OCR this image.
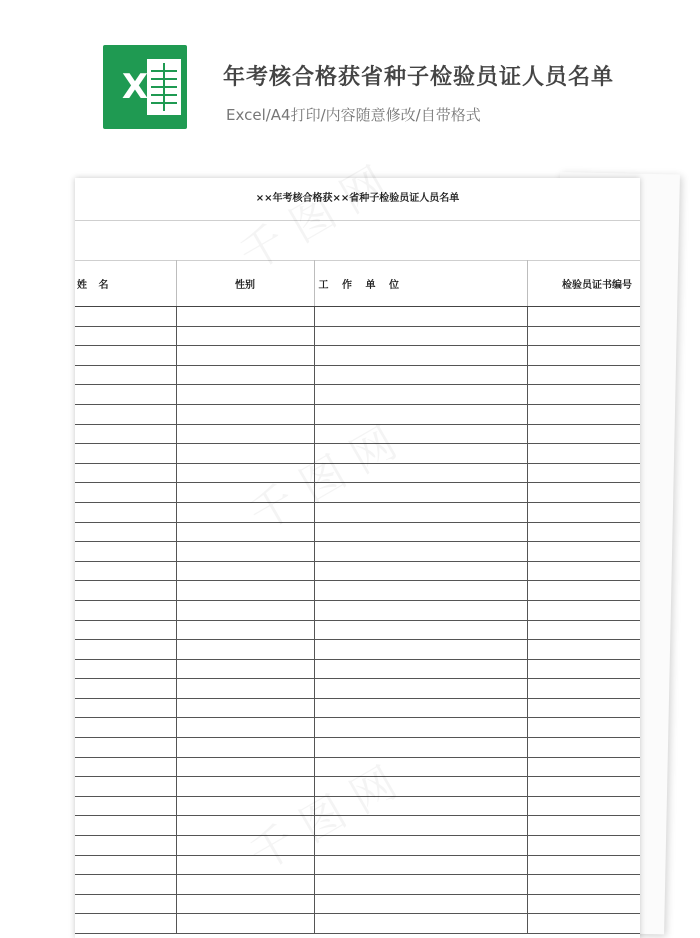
X	年考核合格获省种子检验员证人员名单
Excel/A4打印/内容随意修改/自带格式
××年考核合格获××省种子检验员证人员名单
姓 名	性别	工 作 单 位	检验员证书编号
